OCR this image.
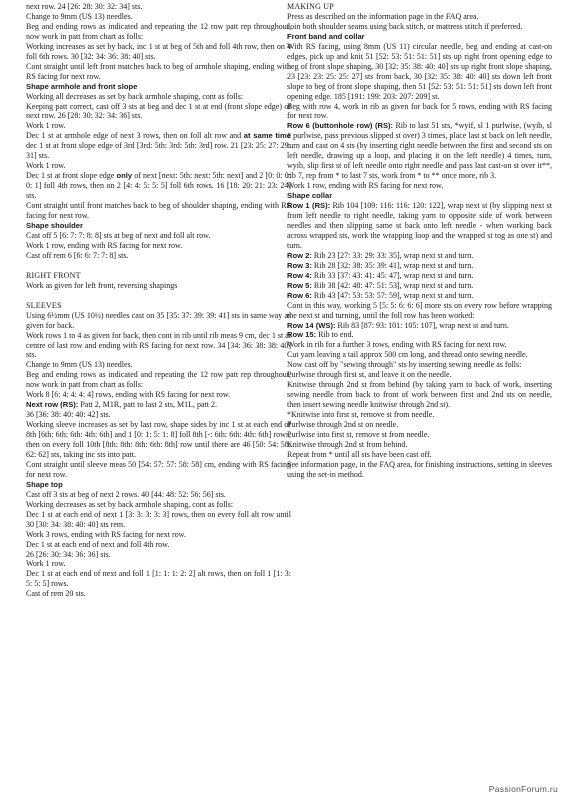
next row. 24 [26: 28: 30: 32: 34] sts.

Change to 9mm (US 13) needles.

Beg and ending rows as indicated and repeating the 12 row patt rep throughout, now work in patt from chart as folls:

Working increases as set by back, inc 1 st at beg of 5th and foll 4th row, then on 4 foll 6th rows. 30 [32: 34: 36: 38: 40] sts.

Cont straight until left front matches back to beg of armhole shaping, ending with RS facing for next row.

Shape armhole and front slope

Working all decreases as set by back armhole shaping, cont as folls:

Keeping patt correct, cast off 3 sts at beg and dec 1 st at end (front slope edge) of next row. 26 [28: 30: 32: 34: 36] sts.

Work 1 row.

Dec 1 st at armhole edge of next 3 rows, then on foll alt row and at same time dec 1 st at front slope edge of 3rd [3rd: 5th: 3rd: 5th: 3rd] row. 21 [23: 25: 27: 29: 31] sts.

Work 1 row.

Dec 1 st at front slope edge only of next [next: 5th: next: 5th: next] and 2 [0: 0: 0: 0: 1] foll 4th rows, then on 2 [4: 4: 5: 5: 5] foll 6th rows. 16 [18: 20: 21: 23: 24] sts.

Cont straight until front matches back to beg of shoulder shaping, ending with RS facing for next row.

Shape shoulder

Cast off 5 [6: 7: 7: 8: 8] sts at beg of next and foll alt row.

Work 1 row, ending with RS facing for next row.

Cast off rem 6 [6: 6: 7: 7: 8] sts.

RIGHT FRONT

Work as given for left front, reversing shapings

SLEEVES

Using 6½mm (US 10½) needles cast on 35 [35: 37: 39: 39: 41] sts in same way as given for back.

Work rows 1 to 4 as given for back, then cont in rib until rib meas 9 cm, dec 1 st at centre of last row and ending with RS facing for next row. 34 [34: 36: 38: 38: 40] sts.

Change to 9mm (US 13) needles.

Beg and ending rows as indicated and repeating the 12 row patt rep throughout, now work in patt from chart as folls:

Work 8 [6: 4: 4: 4: 4] rows, ending with RS facing for next row.

Next row (RS): Patt 2, M1R, patt to last 2 sts, M1L, patt 2.

36 [36: 38: 40: 40: 42] sts.

Working sleeve increases as set by last row, shape sides by inc 1 st at each end of 8th [6th: 6th: 6th: 4th: 6th] and 1 [0: 1: 5: 1: 8] foll 8th [-: 6th: 6th: 4th: 6th] rows, then on every foll 10th [8th: 8th: 8th: 6th: 8th] row until there are 46 [50: 54: 58: 62: 62] sts, taking inc sts into patt.

Cont straight until sleeve meas 50 [54: 57: 57: 58: 58] cm, ending with RS facing for next row.

Shape top

Cast off 3 sts at beg of next 2 rows. 40 [44: 48: 52: 56: 56] sts.

Working decreases as set by back armhole shaping, cont as folls:

Dec 1 st at each end of next 1 [3: 3: 3: 3: 3] rows, then on every foll alt row until 30 [30: 34: 38: 40: 40] sts rem.

Work 3 rows, ending with RS facing for next row.

Dec 1 st at each end of next and foll 4th row.

26 [26: 30: 34: 36: 36] sts.

Work 1 row.

Dec 1 st at each end of next and foll 1 [1: 1: 1: 2: 2] alt rows, then on foll 1 [1: 3: 5: 5: 5] rows.

Cast of rem 20 sts.

MAKING UP

Press as described on the information page in the FAQ area.

Join both shoulder seams using back stitch, or mattress stitch if preferred.

Front band and collar

With RS facing, using 8mm (US 11) circular needle, beg and ending at cast-on edges, pick up and knit 51 [52: 53: 51: 51: 51] sts up right front opening edge to beg of front slope shaping, 30 [32: 35: 38: 40: 40] sts up right front slope shaping, 23 [23: 23: 25: 25: 27] sts from back, 30 [32: 35: 38: 40: 40] sts down left front slope to beg of front slope shaping, then 51 [52: 53: 51: 51: 51] sts down left front opening edge. 185 [191: 199: 203: 207: 209] st.

Beg with row 4, work in rib as given for back for 5 rows, ending with RS facing for next row.

Row 6 (buttonhole row) (RS): Rib to last 51 sts, *wyif, sl 1 purlwise, (wyib, sl 1 purlwise, pass previous slipped st over) 3 times, place last st back on left needle, turn and cast on 4 sts (by inserting right needle between the first and second sts on left needle, drawing up a loop, and placing it on the left needle) 4 times, turn, wyib, slip first st of left needle onto right needle and pass last cast-on st over it**, rib 7, rep from * to last 7 sts, work from * to ** once more, rib 3.

Work 1 row, ending with RS facing for next row.

Shape collar

Row 1 (RS): Rib 104 [109: 116: 116: 120: 122], wrap next st (by slipping next st from left needle to right needle, taking yarn to opposite side of work between needles and then slipping same st back onto left needle - when working back across wrapped sts, work the wrapping loop and the wrapped st tog as one st) and turn.

Row 2: Rib 23 [27: 33: 29: 33: 35], wrap next st and turn.

Row 3: Rib 28 [32: 38: 35: 39: 41], wrap next st and turn.

Row 4: Rib 33 [37: 43: 41: 45: 47], wrap next st and turn.

Row 5: Rib 38 [42: 48: 47: 51: 53], wrap next st and turn.

Row 6: Rib 43 [47: 53: 53: 57: 59], wrap next st and turn.

Cont in this way, working 5 [5: 5: 6: 6: 6] more sts on every row before wrapping the next st and turning, until the foll row has been worked:

Row 14 (WS): Rib 83 [87: 93: 101: 105: 107], wrap next st and turn.

Row 15: Rib to end.

Work in rib for a further 3 rows, ending with RS facing for next row.

Cut yarn leaving a tail approx 500 cm long, and thread onto sewing needle.

Now cast off by "sewing through" sts by inserting sewing needle as folls:

Purlwise through first st, and leave it on the needle.

Knitwise through 2nd st from behind (by taking yarn to back of work, inserting sewing needle from back to front of work between first and 2nd sts on needle, then insert sewing needle knitwise through 2nd st).

*Knitwise into first st, remove st from needle.

Purlwise through 2nd st on needle.

Purlwise into first st, remove st from needle.

Knitwise through 2nd st from behind.

Repeat from * until all sts have been cast off.

See information page, in the FAQ area, for finishing instructions, setting in sleeves using the set-in method.

PassionForum.ru
